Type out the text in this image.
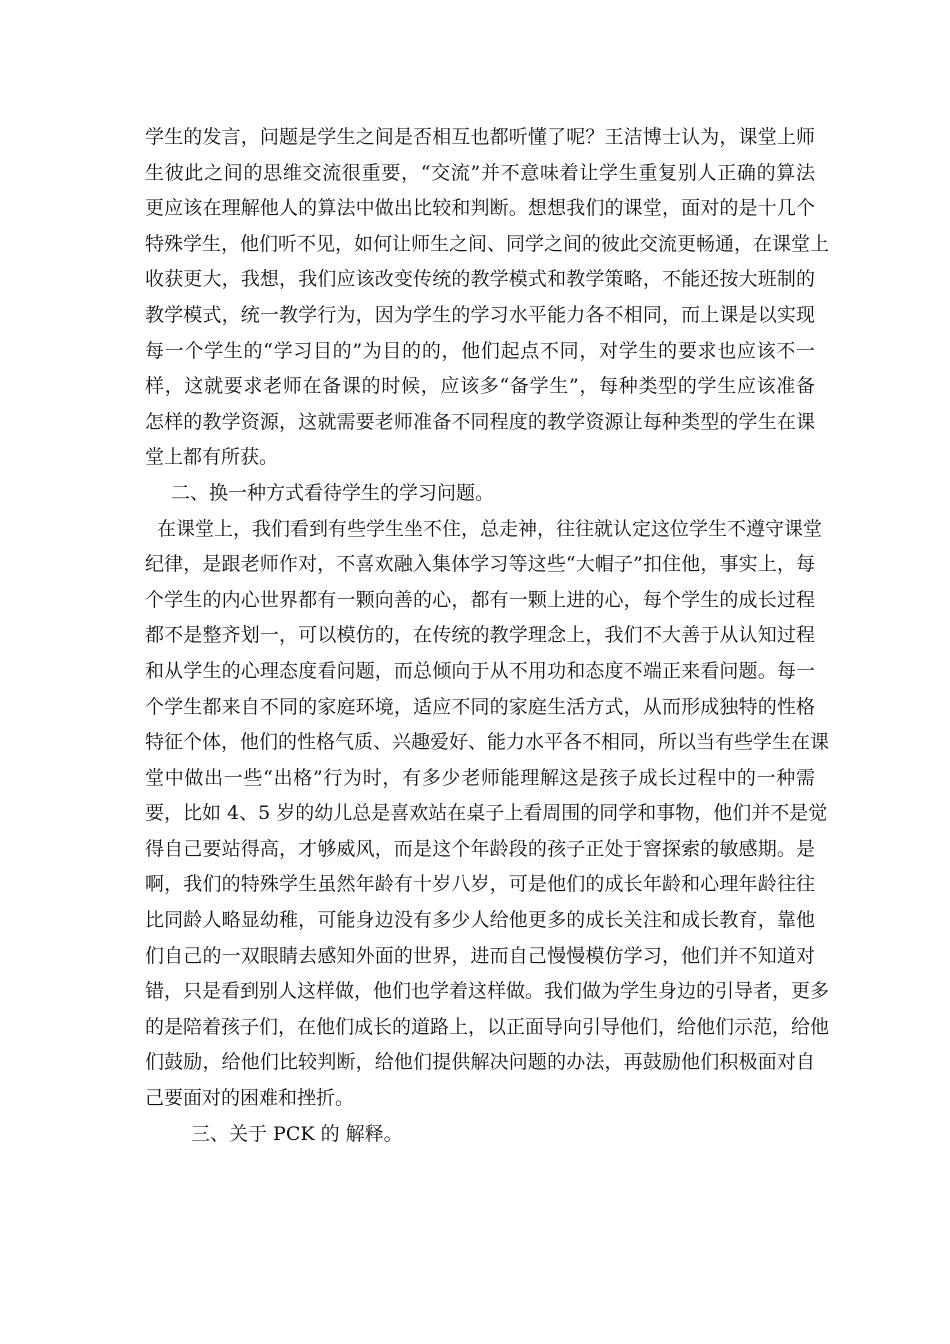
学生的发言，问题是学生之间是否相互也都听懂了呢？王洁博士认为，课堂上师
生彼此之间的思维交流很重要，“交流”并不意味着让学生重复别人正确的算法
更应该在理解他人的算法中做出比较和判断。想想我们的课堂，面对的是十几个
特殊学生，他们听不见，如何让师生之间、同学之间的彼此交流更畅通，在课堂上
收获更大，我想，我们应该改变传统的教学模式和教学策略，不能还按大班制的
教学模式，统一教学行为，因为学生的学习水平能力各不相同，而上课是以实现
每一个学生的“学习目的”为目的的，他们起点不同，对学生的要求也应该不一
样，这就要求老师在备课的时候，应该多“备学生”，每种类型的学生应该准备
怎样的教学资源，这就需要老师准备不同程度的教学资源让每种类型的学生在课
堂上都有所获。
二、换一种方式看待学生的学习问题。
在课堂上，我们看到有些学生坐不住，总走神，往往就认定这位学生不遵守课堂
纪律，是跟老师作对，不喜欢融入集体学习等这些“大帽子”扣住他，事实上，每
个学生的内心世界都有一颗向善的心，都有一颗上进的心，每个学生的成长过程
都不是整齐划一，可以模仿的，在传统的教学理念上，我们不大善于从认知过程
和从学生的心理态度看问题，而总倾向于从不用功和态度不端正来看问题。每一
个学生都来自不同的家庭环境，适应不同的家庭生活方式，从而形成独特的性格
特征个体，他们的性格气质、兴趣爱好、能力水平各不相同，所以当有些学生在课
堂中做出一些“出格”行为时，有多少老师能理解这是孩子成长过程中的一种需
要，比如 4、5 岁的幼儿总是喜欢站在桌子上看周围的同学和事物，他们并不是觉
得自己要站得高，才够威风，而是这个年龄段的孩子正处于窨探索的敏感期。是
啊，我们的特殊学生虽然年龄有十岁八岁，可是他们的成长年龄和心理年龄往往
比同龄人略显幼稚，可能身边没有多少人给他更多的成长关注和成长教育，靠他
们自己的一双眼睛去感知外面的世界，进而自己慢慢模仿学习，他们并不知道对
错，只是看到别人这样做，他们也学着这样做。我们做为学生身边的引导者，更多
的是陪着孩子们，在他们成长的道路上，以正面导向引导他们，给他们示范，给他
们鼓励，给他们比较判断，给他们提供解决问题的办法，再鼓励他们积极面对自
己要面对的困难和挫折。
三、关于 PCK 的 解释。
